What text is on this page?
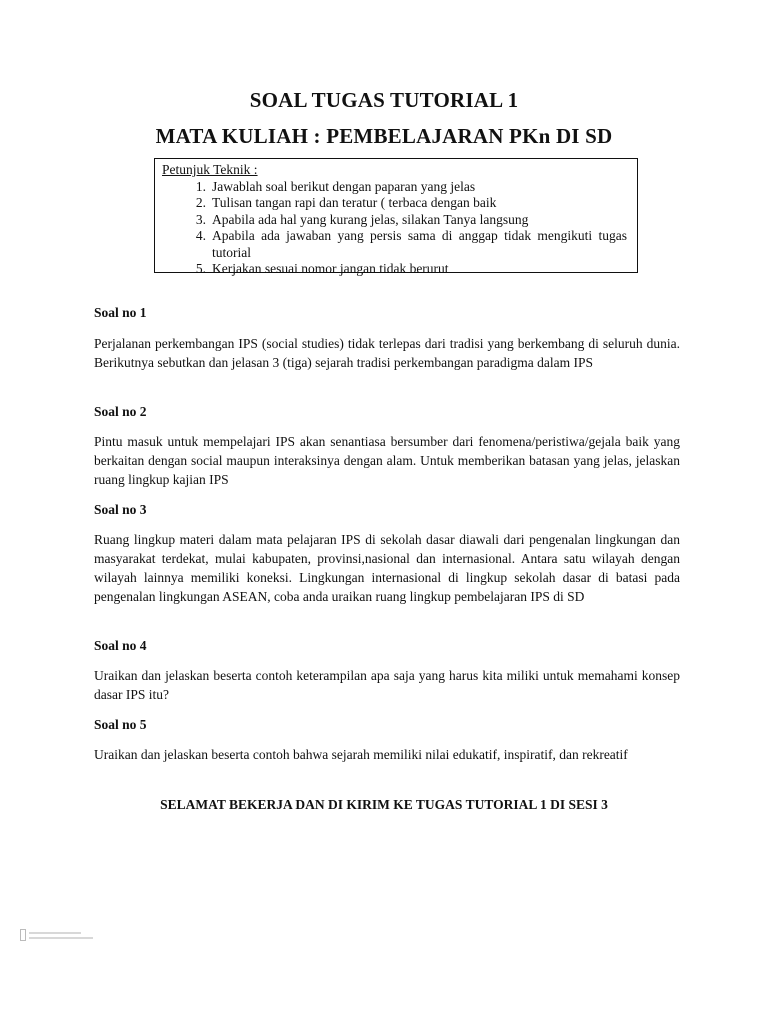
SOAL TUGAS TUTORIAL 1
MATA KULIAH : PEMBELAJARAN PKn DI SD
Petunjuk Teknik :
1. Jawablah soal berikut dengan paparan yang jelas
2. Tulisan tangan rapi dan teratur ( terbaca dengan baik
3. Apabila ada hal yang kurang jelas, silakan Tanya langsung
4. Apabila ada jawaban yang persis sama di anggap tidak mengikuti tugas tutorial
5. Kerjakan sesuai nomor jangan tidak berurut
Soal no 1
Perjalanan perkembangan IPS (social studies) tidak terlepas dari tradisi yang berkembang di seluruh dunia. Berikutnya sebutkan dan jelasan 3 (tiga) sejarah tradisi perkembangan paradigma dalam IPS
Soal no 2
Pintu masuk untuk mempelajari IPS akan senantiasa bersumber dari fenomena/peristiwa/gejala baik yang berkaitan dengan social maupun interaksinya dengan alam. Untuk memberikan batasan yang jelas, jelaskan ruang lingkup kajian IPS
Soal no 3
Ruang lingkup materi dalam mata pelajaran IPS di sekolah dasar diawali dari pengenalan lingkungan dan masyarakat terdekat, mulai kabupaten, provinsi,nasional dan internasional. Antara satu wilayah dengan wilayah lainnya memiliki koneksi. Lingkungan internasional di lingkup sekolah dasar di batasi pada pengenalan lingkungan ASEAN, coba anda uraikan ruang lingkup pembelajaran IPS di SD
Soal no 4
Uraikan dan jelaskan beserta contoh keterampilan apa saja yang harus kita miliki untuk memahami konsep dasar IPS itu?
Soal no 5
Uraikan dan jelaskan beserta contoh bahwa sejarah memiliki nilai edukatif, inspiratif, dan rekreatif
SELAMAT BEKERJA DAN DI KIRIM KE TUGAS TUTORIAL 1 DI SESI 3
